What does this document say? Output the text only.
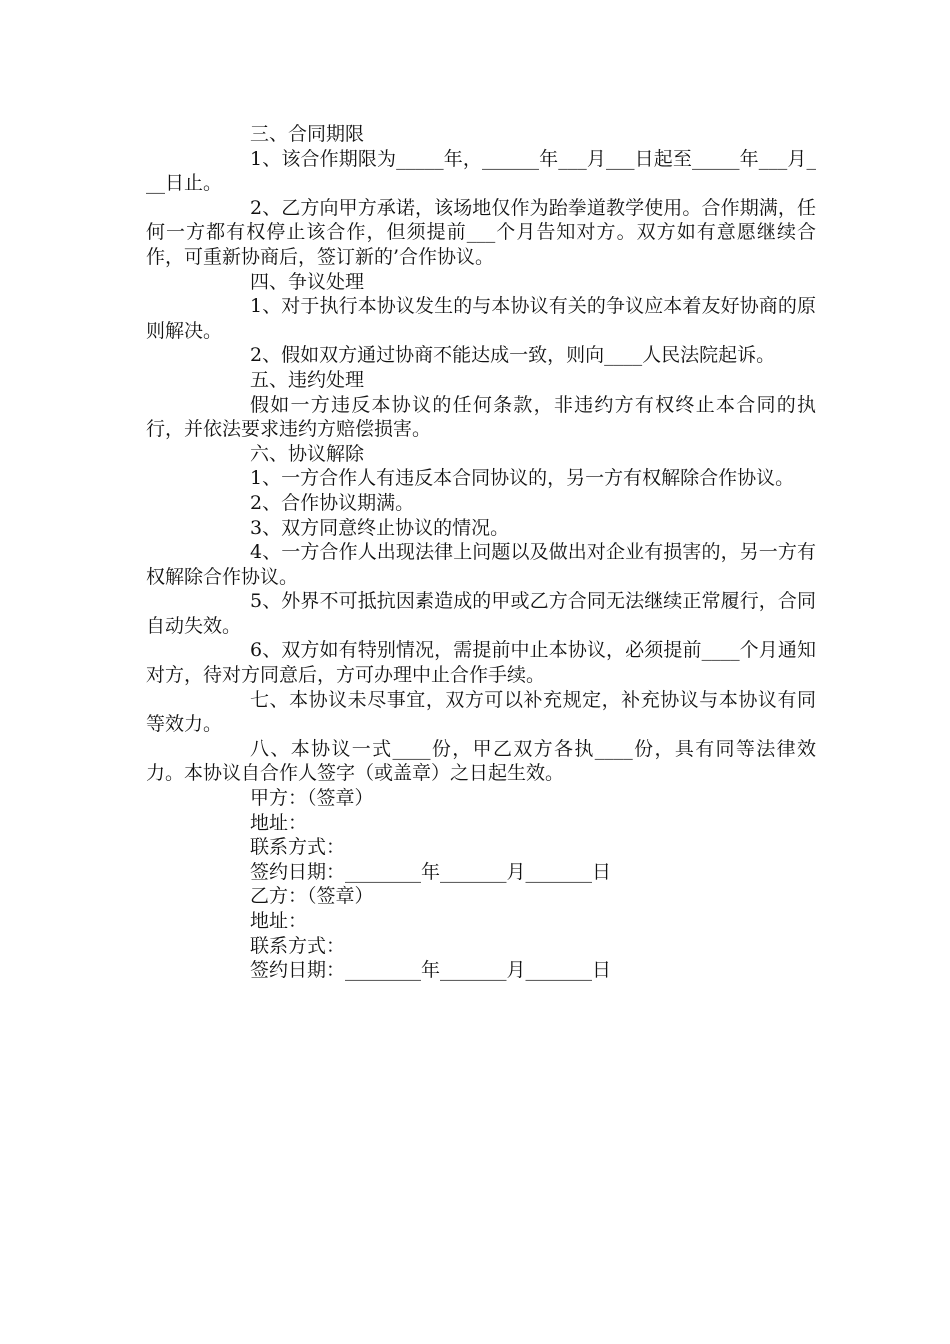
三、合同期限

1、该合作期限为_____年，______年___月___日起至_____年___月___日止。

2、乙方向甲方承诺，该场地仅作为跆拳道教学使用。合作期满，任何一方都有权停止该合作，但须提前___个月告知对方。双方如有意愿继续合作，可重新协商后，签订新的’合作协议。

四、争议处理

1、对于执行本协议发生的与本协议有关的争议应本着友好协商的原则解决。

2、假如双方通过协商不能达成一致，则向____人民法院起诉。

五、违约处理

假如一方违反本协议的任何条款，非违约方有权终止本合同的执行，并依法要求违约方赔偿损害。

六、协议解除

1、一方合作人有违反本合同协议的，另一方有权解除合作协议。

2、合作协议期满。

3、双方同意终止协议的情况。

4、一方合作人出现法律上问题以及做出对企业有损害的，另一方有权解除合作协议。

5、外界不可抵抗因素造成的甲或乙方合同无法继续正常履行，合同自动失效。

6、双方如有特别情况，需提前中止本协议，必须提前____个月通知对方，待对方同意后，方可办理中止合作手续。

七、本协议未尽事宜，双方可以补充规定，补充协议与本协议有同等效力。

八、本协议一式____份，甲乙双方各执____份，具有同等法律效力。本协议自合作人签字（或盖章）之日起生效。

甲方：（签章）

地址：

联系方式：

签约日期：________年_______月_______日

乙方：（签章）

地址：

联系方式：

签约日期：________年_______月_______日
